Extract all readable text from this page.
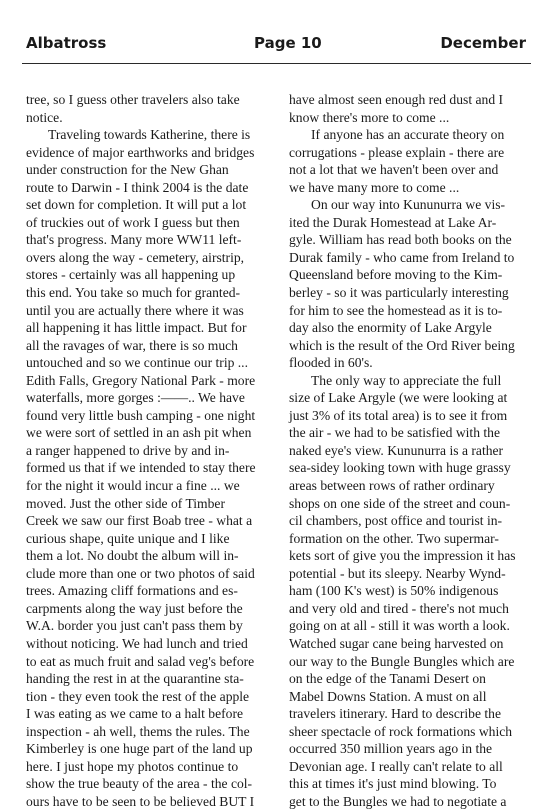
Albatross	Page 10	December

tree, so I guess other travelers also take
notice.

Traveling towards Katherine, there is
evidence of major earthworks and bridges
under construction for the New Ghan
route to Darwin - I think 2004 is the date
set down for completion. It will put a lot
of truckies out of work I guess but then
that's progress. Many more WW11 left-
overs along the way - cemetery, airstrip,
stores - certainly was all happening up
this end. You take so much for granted-
until you are actually there where it was
all happening it has little impact. But for
all the ravages of war, there is so much
untouched and so we continue our trip ...
Edith Falls, Gregory National Park - more
waterfalls, more gorges :——.. We have
found very little bush camping - one night
we were sort of settled in an ash pit when
a ranger happened to drive by and in-
formed us that if we intended to stay there
for the night it would incur a fine ... we
moved. Just the other side of Timber
Creek we saw our first Boab tree - what a
curious shape, quite unique and I like
them a lot. No doubt the album will in-
clude more than one or two photos of said
trees. Amazing cliff formations and es-
carpments along the way just before the
W.A. border you just can't pass them by
without noticing. We had lunch and tried
to eat as much fruit and salad veg's before
handing the rest in at the quarantine sta-
tion - they even took the rest of the apple
I was eating as we came to a halt before
inspection - ah well, thems the rules. The
Kimberley is one huge part of the land up
here. I just hope my photos continue to
show the true beauty of the area - the col-
ours have to be seen to be believed BUT I

have almost seen enough red dust and I
know there's more to come ...

If anyone has an accurate theory on
corrugations - please explain - there are
not a lot that we haven't been over and
we have many more to come ...

On our way into Kununurra we vis-
ited the Durak Homestead at Lake Ar-
gyle. William has read both books on the
Durak family - who came from Ireland to
Queensland before moving to the Kim-
berley - so it was particularly interesting
for him to see the homestead as it is to-
day also the enormity of Lake Argyle
which is the result of the Ord River being
flooded in 60's.

The only way to appreciate the full
size of Lake Argyle (we were looking at
just 3% of its total area) is to see it from
the air - we had to be satisfied with the
naked eye's view. Kununurra is a rather
sea-sidey looking town with huge grassy
areas between rows of rather ordinary
shops on one side of the street and coun-
cil chambers, post office and tourist in-
formation on the other. Two supermar-
kets sort of give you the impression it has
potential - but its sleepy. Nearby Wynd-
ham (100 K's west) is 50% indigenous
and very old and tired - there's not much
going on at all - still it was worth a look.
Watched sugar cane being harvested on
our way to the Bungle Bungles which are
on the edge of the Tanami Desert on
Mabel Downs Station. A must on all
travelers itinerary. Hard to describe the
sheer spectacle of rock formations which
occurred 350 million years ago in the
Devonian age. I really can't relate to all
this at times it's just mind blowing. To
get to the Bungles we had to negotiate a
